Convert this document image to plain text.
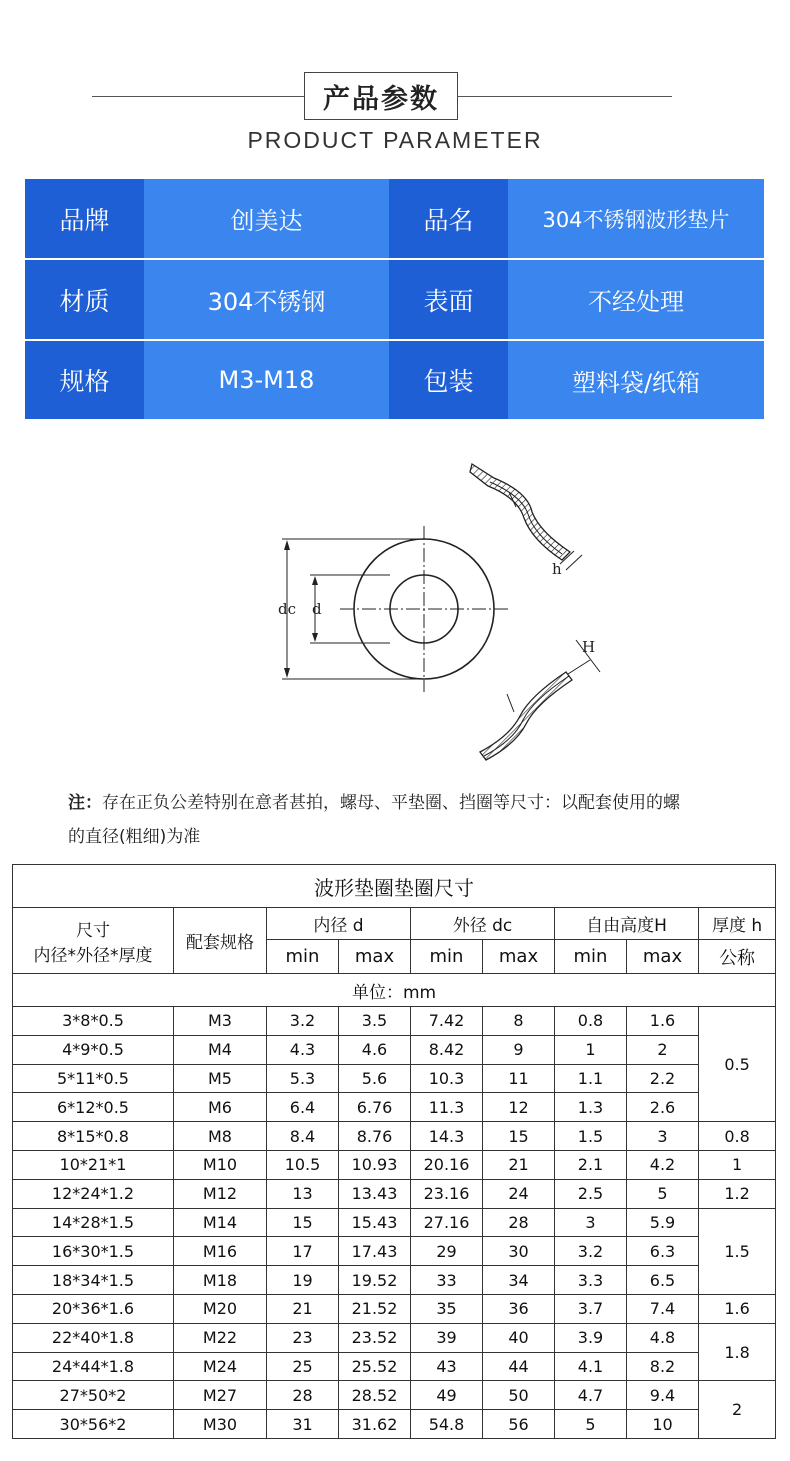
产品参数
PRODUCT PARAMETER
品牌	创美达	品名	304不锈钢波形垫片
材质	304不锈钢	表面	不经处理
规格	M3-M18	包装	塑料袋/纸箱
dc d
h
H
注：存在正负公差特别在意者甚拍，螺母、平垫圈、挡圈等尺寸：以配套使用的螺
的直径(粗细)为准
波形垫圈垫圈尺寸								

尺寸
内径*外径*厚度	配套规格	内径 d		外径 dc		自由高度H		厚度 h
		min	max	min	max	min	max	公称
单位：mm								
3*8*0.5	M3	3.2	3.5	7.42	8	0.8	1.6	0.5
4*9*0.5	M4	4.3	4.6	8.42	9	1	2	
5*11*0.5	M5	5.3	5.6	10.3	11	1.1	2.2	
6*12*0.5	M6	6.4	6.76	11.3	12	1.3	2.6	
8*15*0.8	M8	8.4	8.76	14.3	15	1.5	3	0.8
10*21*1	M10	10.5	10.93	20.16	21	2.1	4.2	1
12*24*1.2	M12	13	13.43	23.16	24	2.5	5	1.2
14*28*1.5	M14	15	15.43	27.16	28	3	5.9	1.5
16*30*1.5	M16	17	17.43	29	30	3.2	6.3	
18*34*1.5	M18	19	19.52	33	34	3.3	6.5	
20*36*1.6	M20	21	21.52	35	36	3.7	7.4	1.6
22*40*1.8	M22	23	23.52	39	40	3.9	4.8	1.8
24*44*1.8	M24	25	25.52	43	44	4.1	8.2	
27*50*2	M27	28	28.52	49	50	4.7	9.4	2
30*56*2	M30	31	31.62	54.8	56	5	10	
